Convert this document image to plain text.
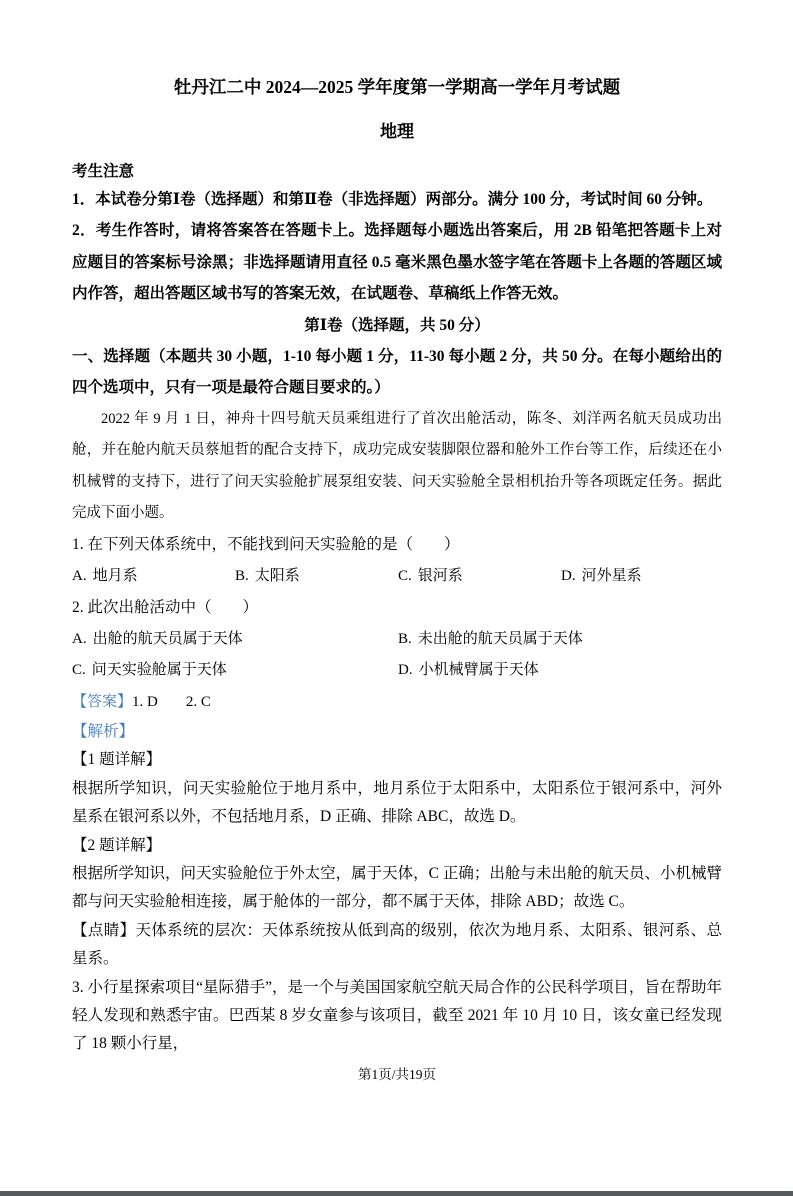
牡丹江二中 2024—2025 学年度第一学期高一学年月考试题
地理
考生注意

1．本试卷分第Ⅰ卷（选择题）和第Ⅱ卷（非选择题）两部分。满分 100 分，考试时间 60 分钟。

2．考生作答时，请将答案答在答题卡上。选择题每小题选出答案后，用 2B 铅笔把答题卡上对应题目的答案标号涂黑；非选择题请用直径 0.5 毫米黑色墨水签字笔在答题卡上各题的答题区域内作答，超出答题区域书写的答案无效，在试题卷、草稿纸上作答无效。

第Ⅰ卷（选择题，共 50 分）

一、选择题（本题共 30 小题，1-10 每小题 1 分，11-30 每小题 2 分，共 50 分。在每小题给出的四个选项中，只有一项是最符合题目要求的。）

2022 年 9 月 1 日，神舟十四号航天员乘组进行了首次出舱活动，陈冬、刘洋两名航天员成功出舱，并在舱内航天员蔡旭哲的配合支持下，成功完成安装脚限位器和舱外工作台等工作，后续还在小机械臂的支持下，进行了问天实验舱扩展泵组安装、问天实验舱全景相机抬升等各项既定任务。据此完成下面小题。

1. 在下列天体系统中，不能找到问天实验舱的是（　　）

A. 地月系	B. 太阳系	C. 银河系	D. 河外星系

2. 此次出舱活动中（　　）

A. 出舱的航天员属于天体	B. 未出舱的航天员属于天体
C. 问天实验舱属于天体	D. 小机械臂属于天体

【答案】1. D 2. C

【解析】

【1 题详解】

根据所学知识，问天实验舱位于地月系中，地月系位于太阳系中，太阳系位于银河系中，河外星系在银河系以外，不包括地月系，D 正确、排除 ABC，故选 D。

【2 题详解】

根据所学知识，问天实验舱位于外太空，属于天体，C 正确；出舱与未出舱的航天员、小机械臂都与问天实验舱相连接，属于舱体的一部分，都不属于天体，排除 ABD；故选 C。

【点睛】天体系统的层次：天体系统按从低到高的级别，依次为地月系、太阳系、银河系、总星系。

3. 小行星探索项目“星际猎手”，是一个与美国国家航空航天局合作的公民科学项目，旨在帮助年轻人发现和熟悉宇宙。巴西某 8 岁女童参与该项目，截至 2021 年 10 月 10 日，该女童已经发现了 18 颗小行星，

第1页/共19页
